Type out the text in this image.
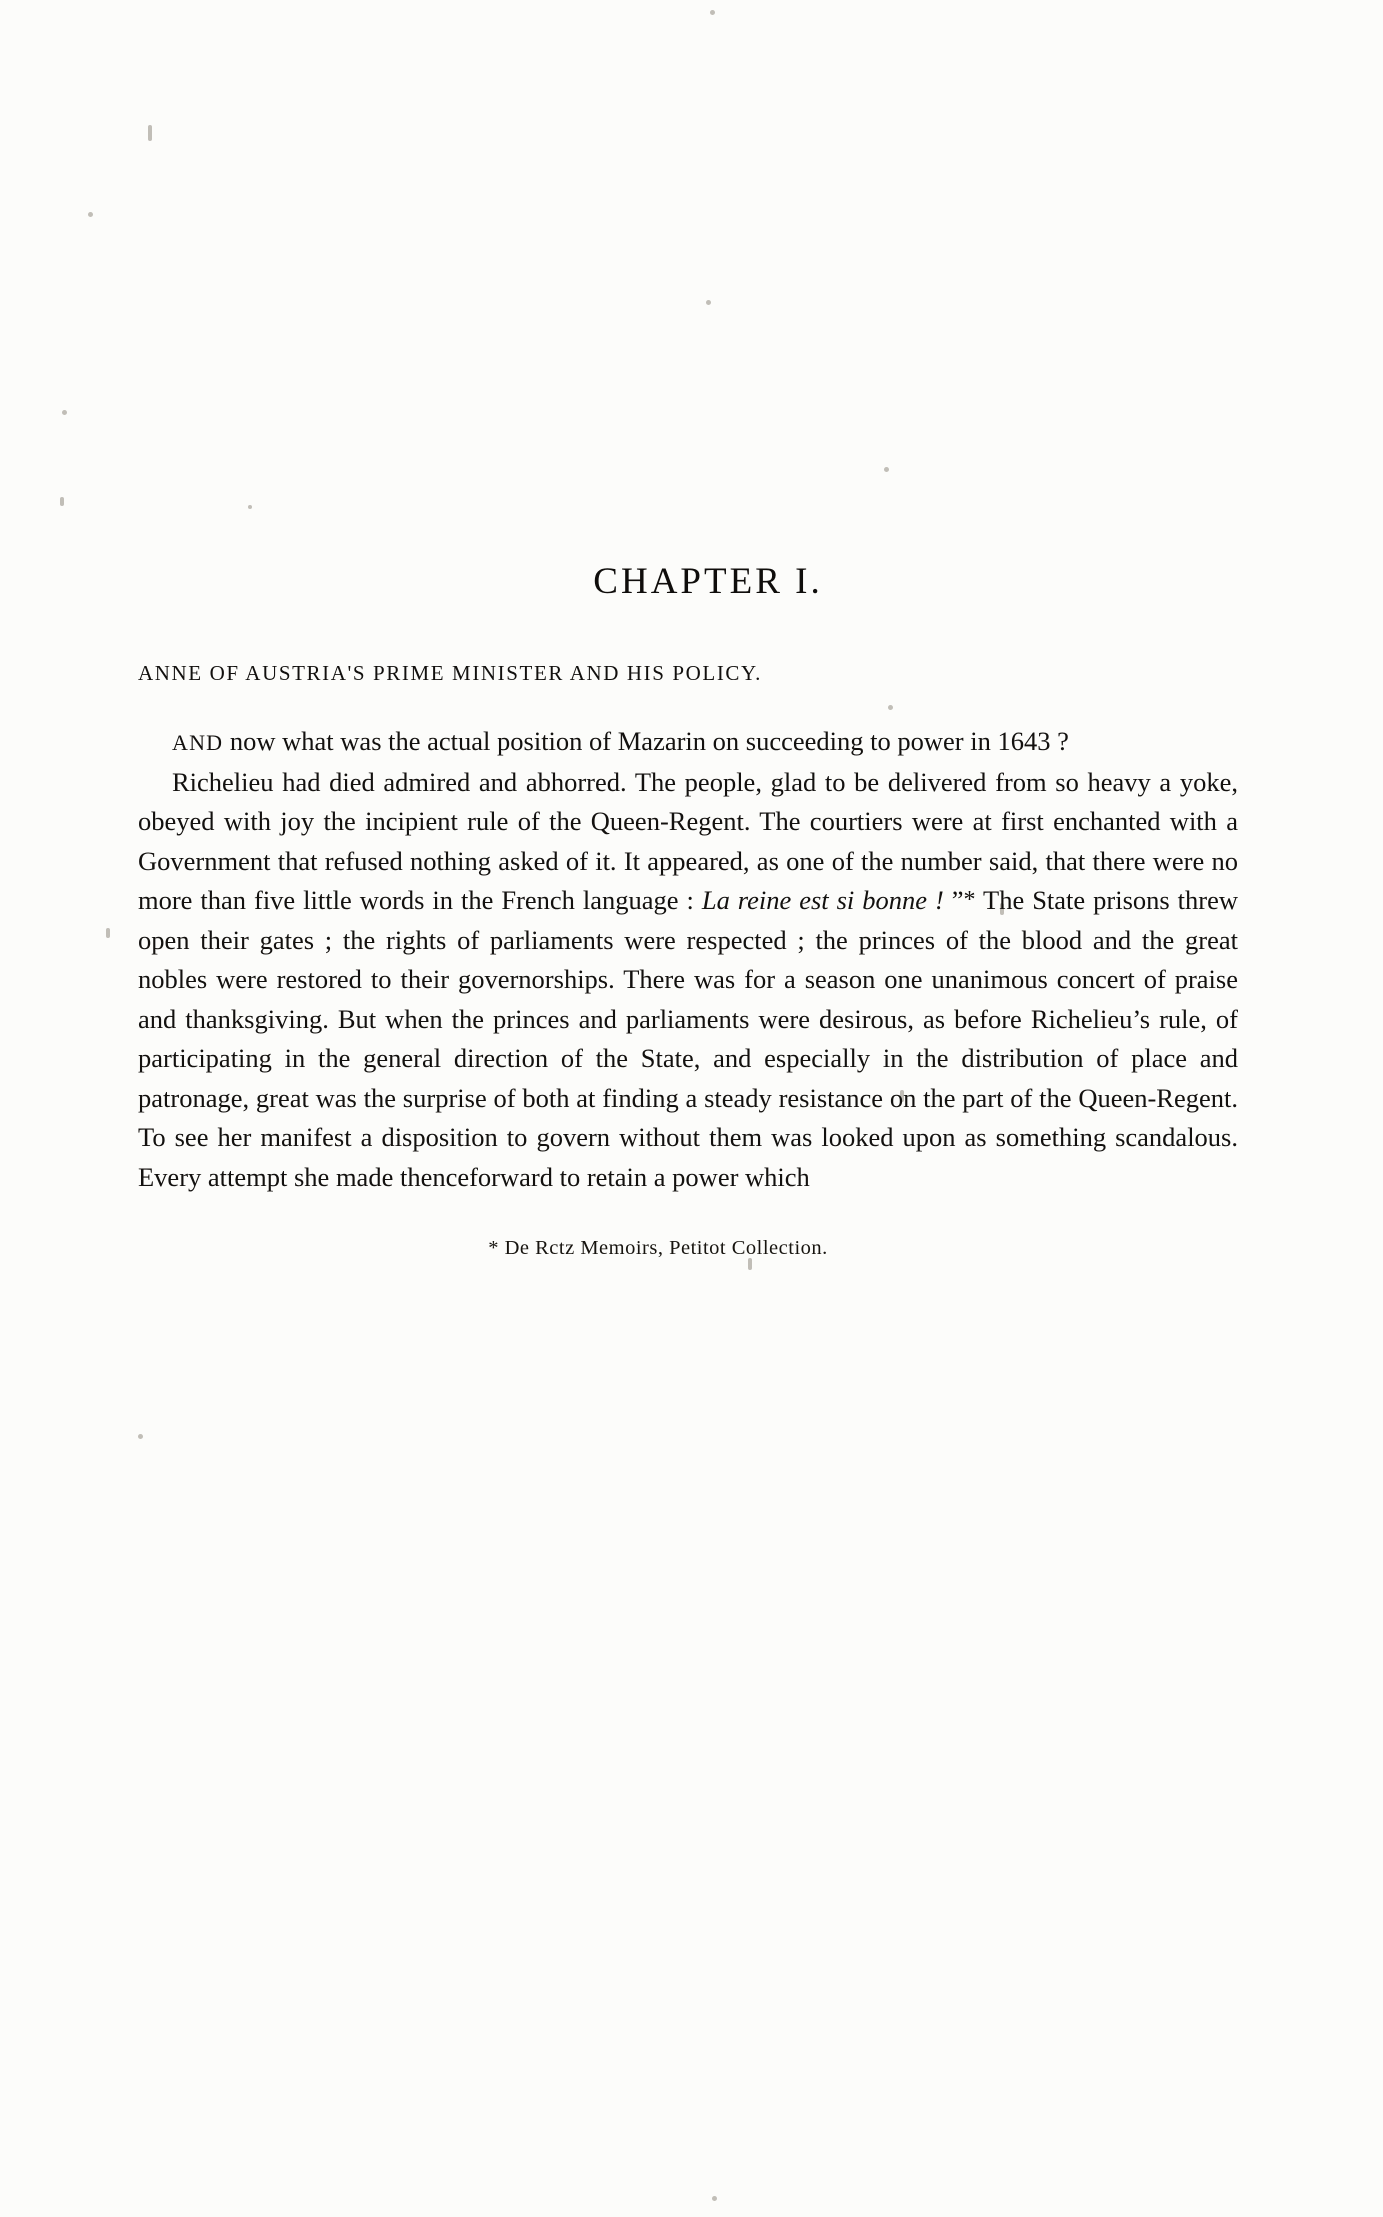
CHAPTER I.
ANNE OF AUSTRIA'S PRIME MINISTER AND HIS POLICY.

AND now what was the actual position of Mazarin on succeeding to power in 1643 ?

Richelieu had died admired and abhorred. The people, glad to be delivered from so heavy a yoke, obeyed with joy the incipient rule of the Queen-Regent. The courtiers were at first enchanted with a Government that refused nothing asked of it. It appeared, as one of the number said, that there were no more than five little words in the French language : La reine est si bonne ! ”* The State prisons threw open their gates ; the rights of parliaments were respected ; the princes of the blood and the great nobles were restored to their governorships. There was for a season one unanimous concert of praise and thanksgiving. But when the princes and parliaments were desirous, as before Richelieu’s rule, of participating in the general direction of the State, and especially in the distribution of place and patronage, great was the surprise of both at finding a steady resistance on the part of the Queen-Regent. To see her manifest a disposition to govern without them was looked upon as something scandalous. Every attempt she made thenceforward to retain a power which

* De Rctz Memoirs, Petitot Collection.
